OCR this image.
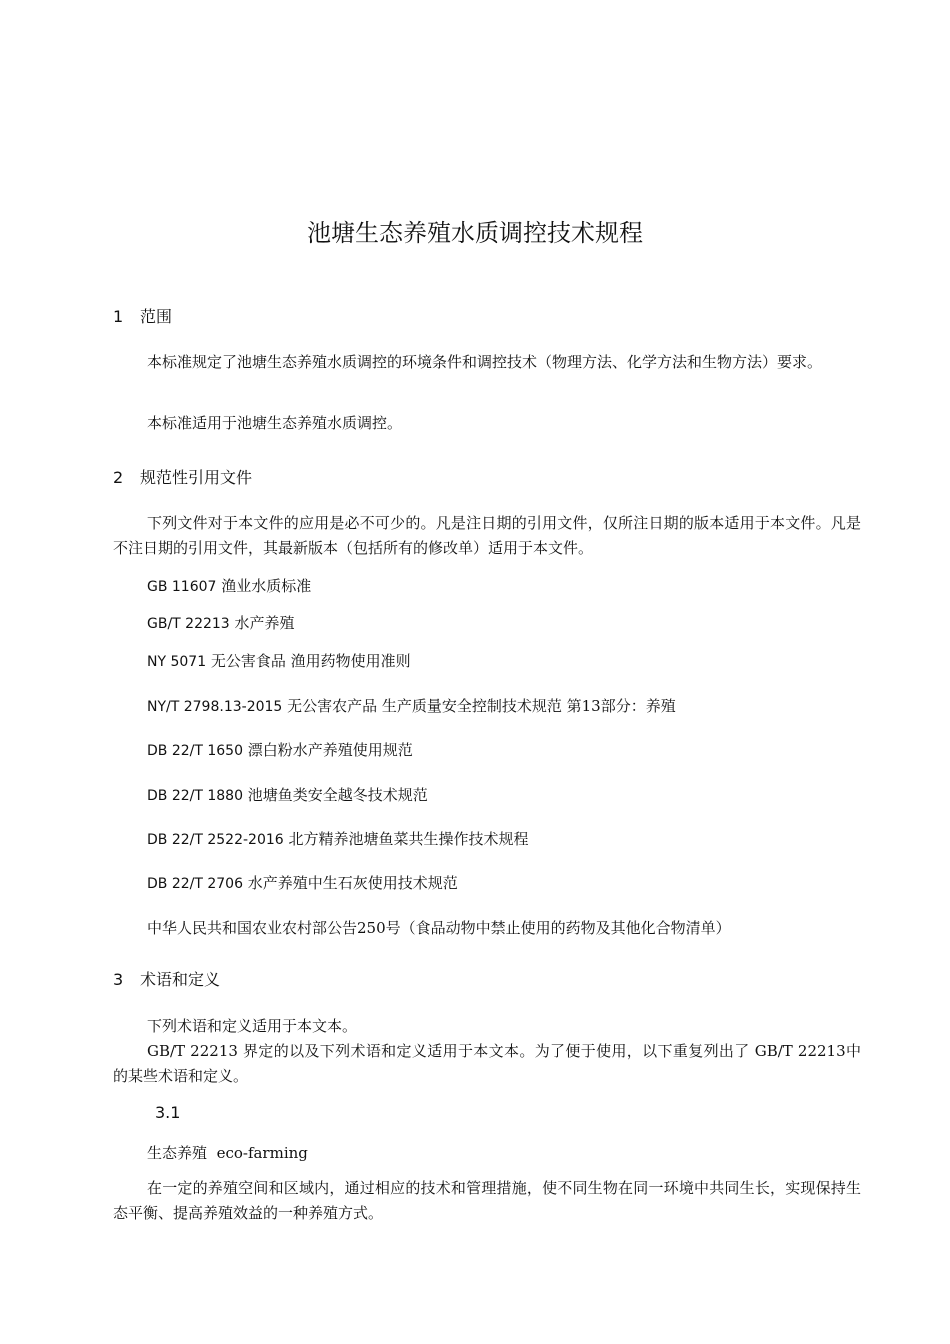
池塘生态养殖水质调控技术规程
1 范围
本标准规定了池塘生态养殖水质调控的环境条件和调控技术（物理方法、化学方法和生物方法）要求。
本标准适用于池塘生态养殖水质调控。
2 规范性引用文件
下列文件对于本文件的应用是必不可少的。凡是注日期的引用文件，仅所注日期的版本适用于本文件。凡是不注日期的引用文件，其最新版本（包括所有的修改单）适用于本文件。
GB 11607 渔业水质标准
GB/T 22213 水产养殖
NY 5071 无公害食品 渔用药物使用准则
NY/T 2798.13-2015 无公害农产品 生产质量安全控制技术规范 第13部分：养殖
DB 22/T 1650 漂白粉水产养殖使用规范
DB 22/T 1880 池塘鱼类安全越冬技术规范
DB 22/T 2522-2016 北方精养池塘鱼菜共生操作技术规程
DB 22/T 2706 水产养殖中生石灰使用技术规范
中华人民共和国农业农村部公告250号（食品动物中禁止使用的药物及其他化合物清单）
3 术语和定义
下列术语和定义适用于本文本。
GB/T 22213 界定的以及下列术语和定义适用于本文本。为了便于使用，以下重复列出了 GB/T 22213中的某些术语和定义。
3.1
生态养殖 eco-farming
在一定的养殖空间和区域内，通过相应的技术和管理措施，使不同生物在同一环境中共同生长，实现保持生态平衡、提高养殖效益的一种养殖方式。
